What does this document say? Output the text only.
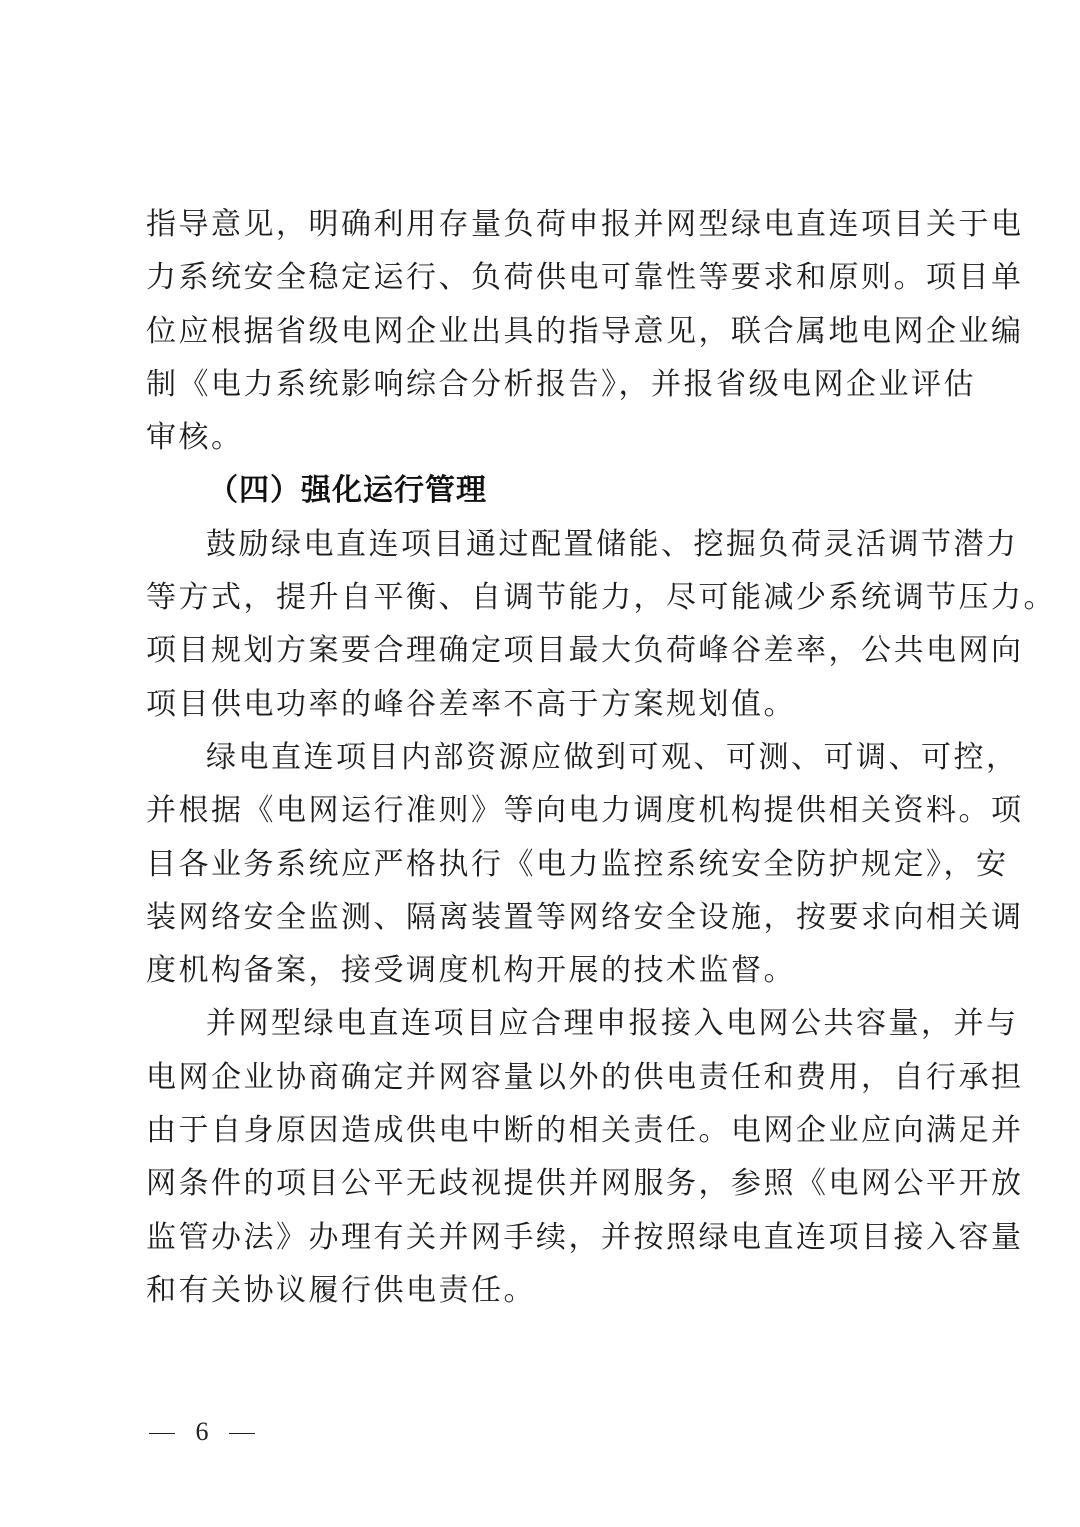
指导意见，明确利用存量负荷申报并网型绿电直连项目关于电
力系统安全稳定运行、负荷供电可靠性等要求和原则。项目单
位应根据省级电网企业出具的指导意见，联合属地电网企业编
制《电力系统影响综合分析报告》，并报省级电网企业评估
审核。
（四）强化运行管理
鼓励绿电直连项目通过配置储能、挖掘负荷灵活调节潜力
等方式，提升自平衡、自调节能力，尽可能减少系统调节压力。
项目规划方案要合理确定项目最大负荷峰谷差率，公共电网向
项目供电功率的峰谷差率不高于方案规划值。
绿电直连项目内部资源应做到可观、可测、可调、可控，
并根据《电网运行准则》等向电力调度机构提供相关资料。项
目各业务系统应严格执行《电力监控系统安全防护规定》，安
装网络安全监测、隔离装置等网络安全设施，按要求向相关调
度机构备案，接受调度机构开展的技术监督。
并网型绿电直连项目应合理申报接入电网公共容量，并与
电网企业协商确定并网容量以外的供电责任和费用，自行承担
由于自身原因造成供电中断的相关责任。电网企业应向满足并
网条件的项目公平无歧视提供并网服务，参照《电网公平开放
监管办法》办理有关并网手续，并按照绿电直连项目接入容量
和有关协议履行供电责任。
6
